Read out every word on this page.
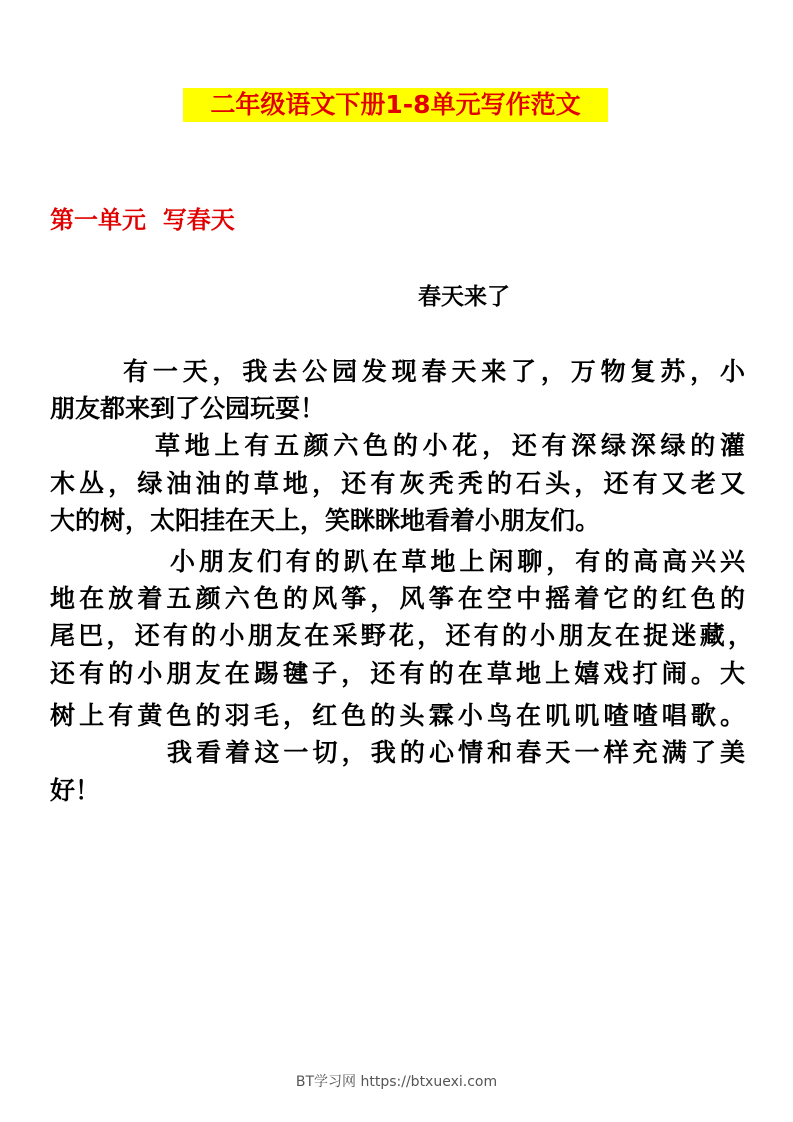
二年级语文下册1-8单元写作范文
第一单元  写春天
春天来了
有一天，我去公园发现春天来了，万物复苏，小
朋友都来到了公园玩耍！
草地上有五颜六色的小花，还有深绿深绿的灌
木丛，绿油油的草地，还有灰秃秃的石头，还有又老又
大的树，太阳挂在天上，笑眯眯地看着小朋友们。
小朋友们有的趴在草地上闲聊，有的高高兴兴
地在放着五颜六色的风筝，风筝在空中摇着它的红色的
尾巴，还有的小朋友在采野花，还有的小朋友在捉迷藏，
还有的小朋友在踢毽子，还有的在草地上嬉戏打闹。大
树上有黄色的羽毛，红色的头霖小鸟在叽叽喳喳唱歌。
我看着这一切，我的心情和春天一样充满了美
好！
BT学习网 https://btxuexi.com
